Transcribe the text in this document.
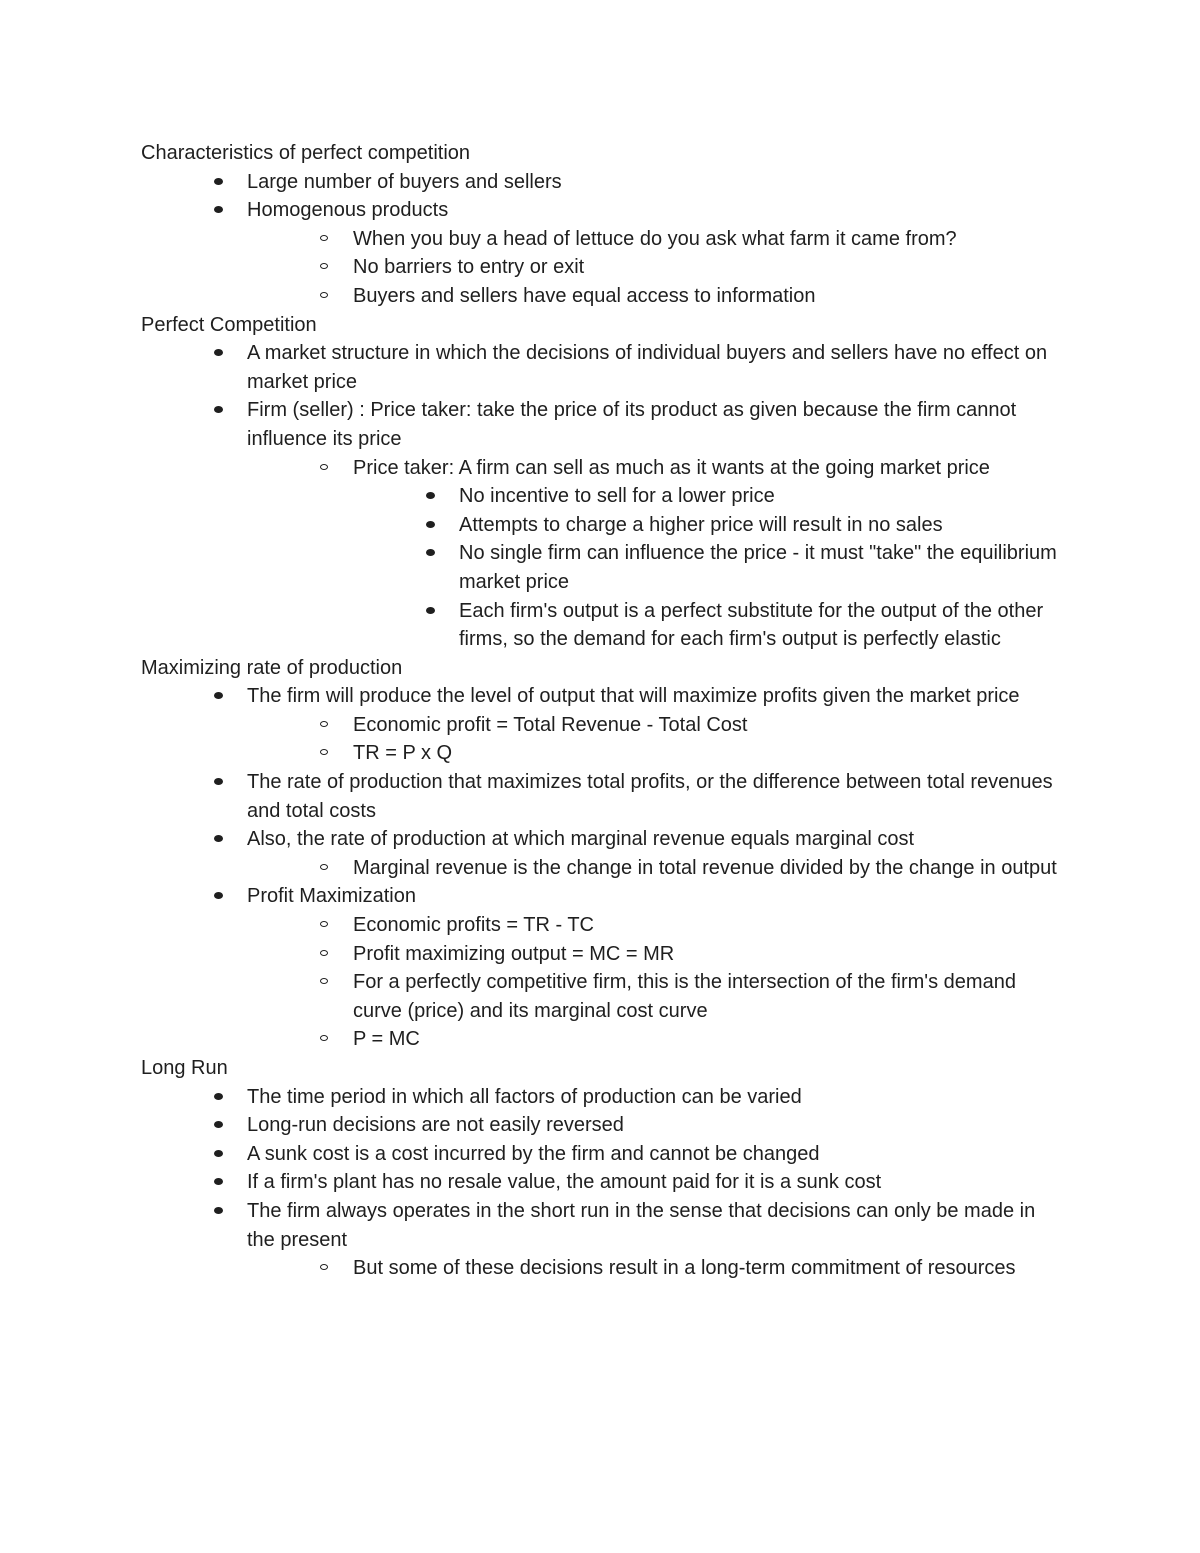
Characteristics of perfect competition
Large number of buyers and sellers
Homogenous products
When you buy a head of lettuce do you ask what farm it came from?
No barriers to entry or exit
Buyers and sellers have equal access to information
Perfect Competition
A market structure in which the decisions of individual buyers and sellers have no effect on market price
Firm (seller) : Price taker: take the price of its product as given because the firm cannot influence its price
Price taker: A firm can sell as much as it wants at the going market price
No incentive to sell for a lower price
Attempts to charge a higher price will result in no sales
No single firm can influence the price - it must "take" the equilibrium market price
Each firm's output is a perfect substitute for the output of the other firms, so the demand for each firm's output is perfectly elastic
Maximizing rate of production
The firm will produce the level of output that will maximize profits given the market price
Economic profit = Total Revenue - Total Cost
TR = P x Q
The rate of production that maximizes total profits, or the difference between total revenues and total costs
Also, the rate of production at which marginal revenue equals marginal cost
Marginal revenue is the change in total revenue divided by the change in output
Profit Maximization
Economic profits = TR - TC
Profit maximizing output = MC = MR
For a perfectly competitive firm, this is the intersection of the firm's demand curve (price) and its marginal cost curve
P = MC
Long Run
The time period in which all factors of production can be varied
Long-run decisions are not easily reversed
A sunk cost is a cost incurred by the firm and cannot be changed
If a firm's plant has no resale value, the amount paid for it is a sunk cost
The firm always operates in the short run in the sense that decisions can only be made in the present
But some of these decisions result in a long-term commitment of resources
